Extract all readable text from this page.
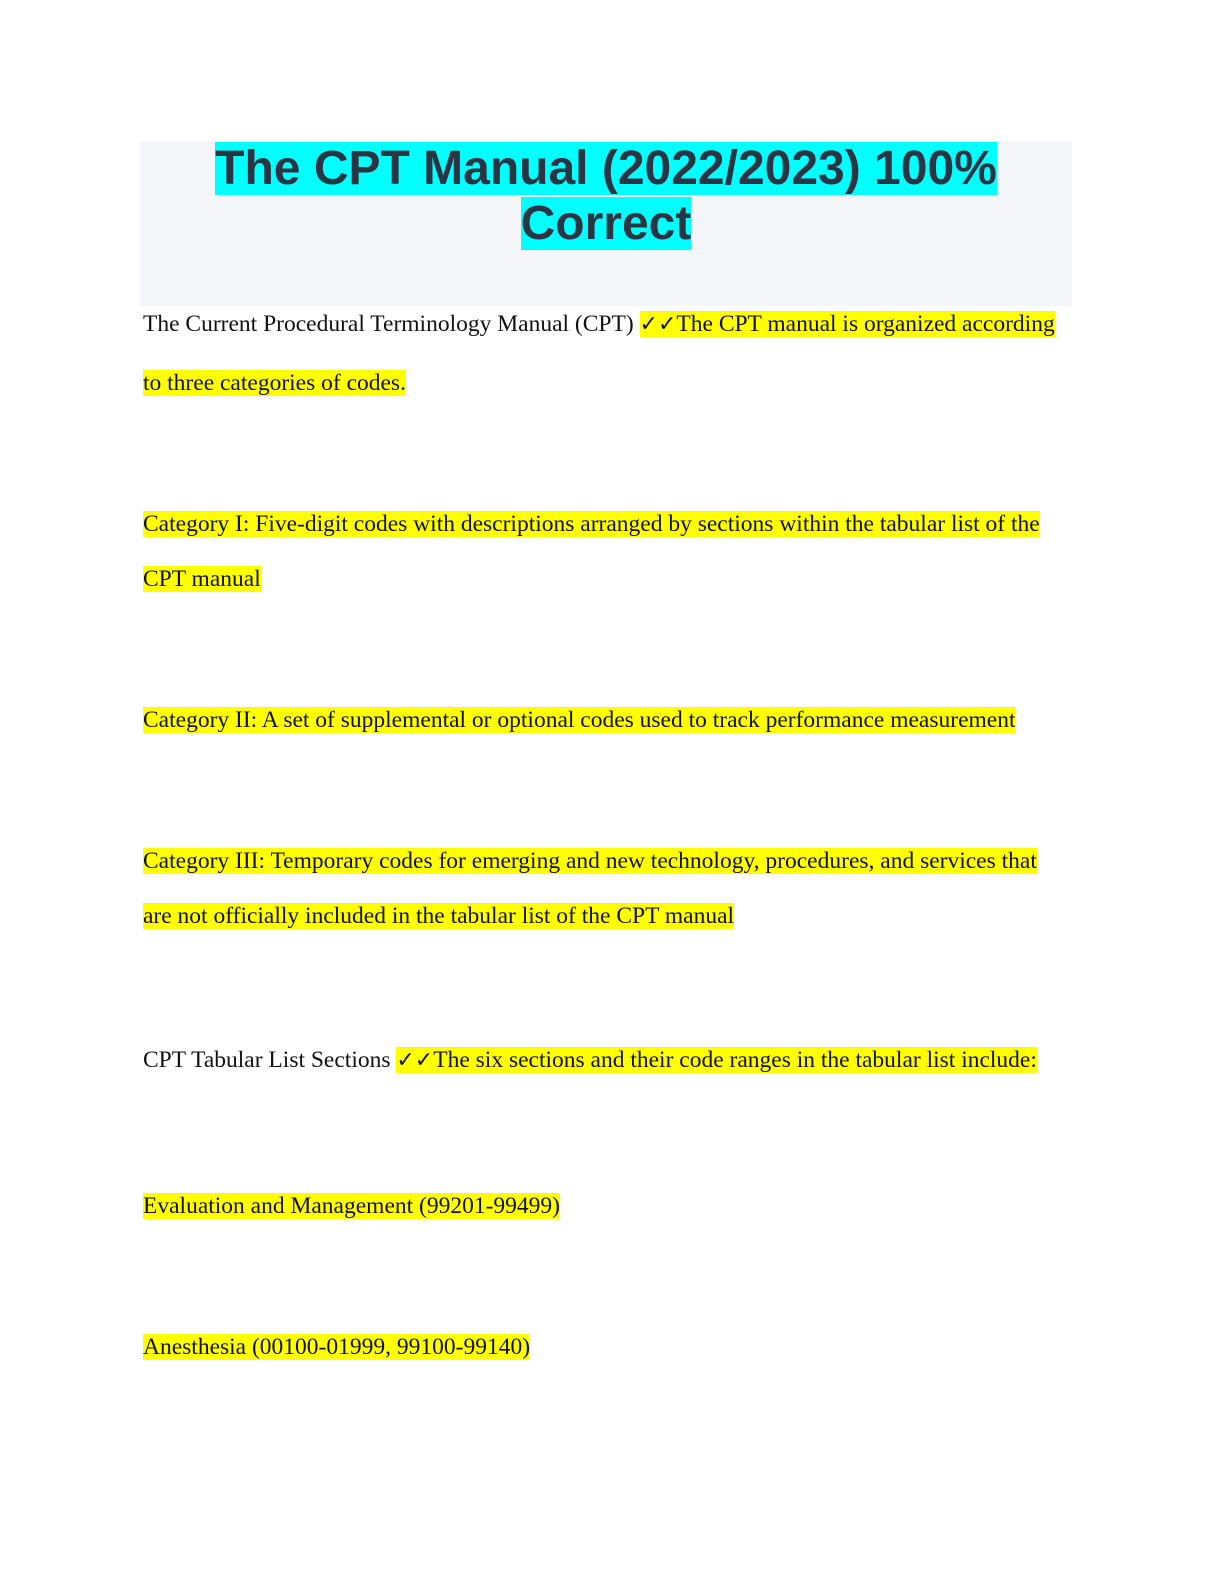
The CPT Manual (2022/2023) 100%
Correct

The Current Procedural Terminology Manual (CPT) ✓✓The CPT manual is organized according

to three categories of codes.

Category I: Five-digit codes with descriptions arranged by sections within the tabular list of the

CPT manual

Category II: A set of supplemental or optional codes used to track performance measurement

Category III: Temporary codes for emerging and new technology, procedures, and services that

are not officially included in the tabular list of the CPT manual

CPT Tabular List Sections ✓✓The six sections and their code ranges in the tabular list include:

Evaluation and Management (99201-99499)

Anesthesia (00100-01999, 99100-99140)
